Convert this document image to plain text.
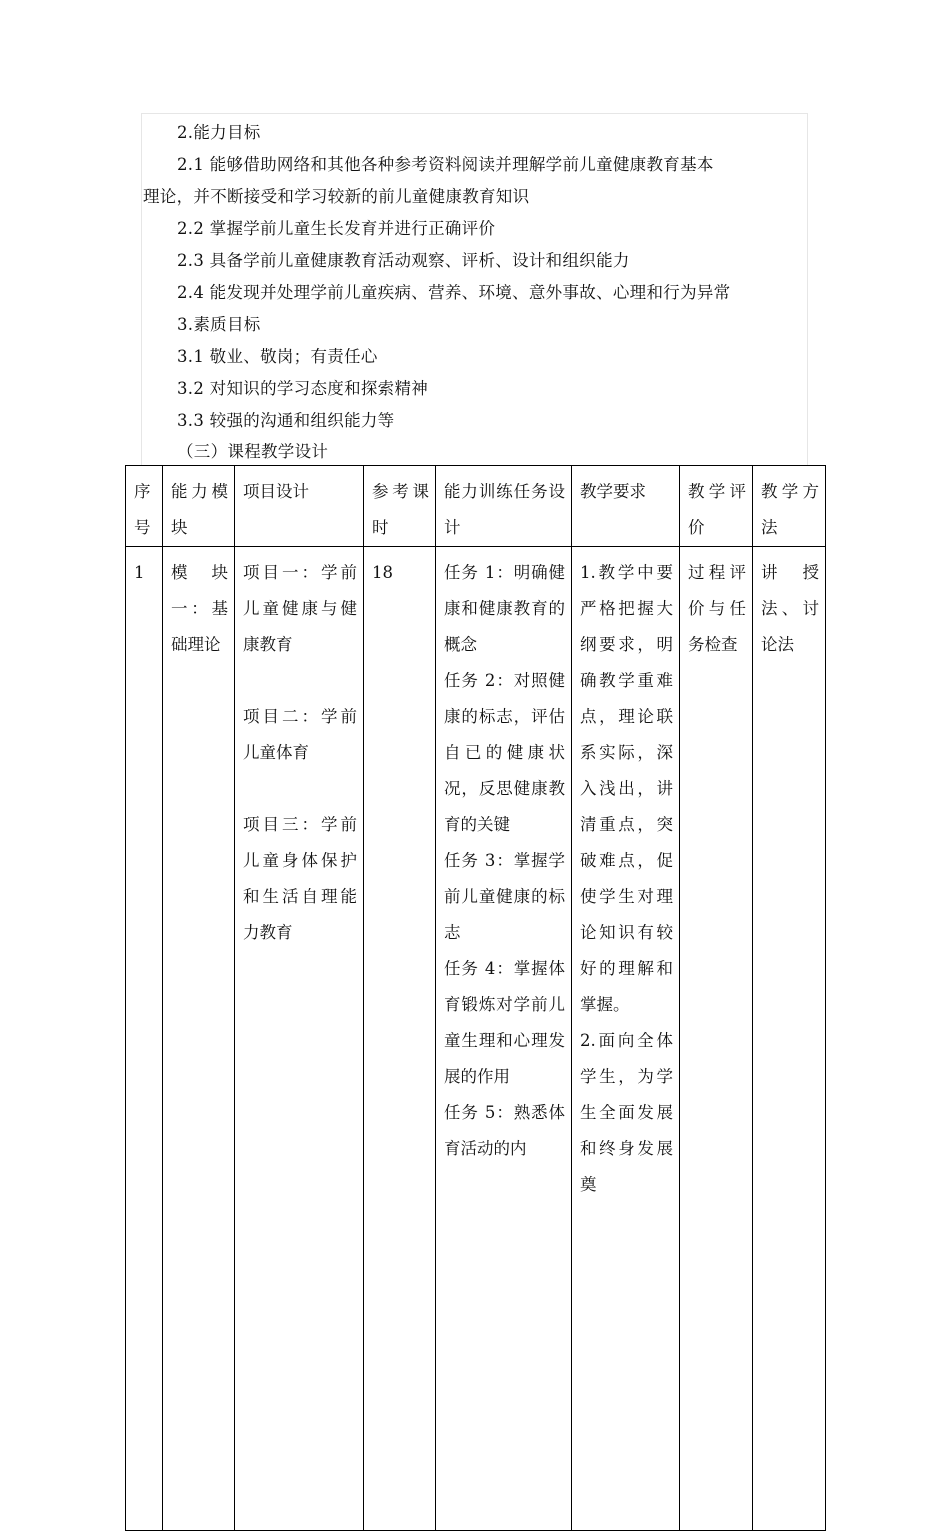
2.能力目标
2.1 能够借助网络和其他各种参考资料阅读并理解学前儿童健康教育基本
理论，并不断接受和学习较新的前儿童健康教育知识
2.2 掌握学前儿童生长发育并进行正确评价
2.3 具备学前儿童健康教育活动观察、评析、设计和组织能力
2.4 能发现并处理学前儿童疾病、营养、环境、意外事故、心理和行为异常
3.素质目标
3.1 敬业、敬岗；有责任心
3.2 对知识的学习态度和探索精神
3.3 较强的沟通和组织能力等
（三）课程教学设计
序号	能力模块	项目设计	参考课时	能力训练任务设计	教学要求	教学评价	教学方法

1	模块一：基础理论	项目一：学前儿童健康与健康教育
项目二：学前儿童体育
项目三：学前儿童身体保护和生活自理能力教育	18	任务 1：明确健康和健康教育的概念
任务 2：对照健康的标志，评估自已的健康状况，反思健康教育的关键
任务 3：掌握学前儿童健康的标志
任务 4：掌握体育锻炼对学前儿童生理和心理发展的作用
任务 5：熟悉体育活动的内	1.教学中要严格把握大纲要求，明确教学重难点，理论联系实际，深入浅出，讲清重点，突破难点，促使学生对理论知识有较好的理解和掌握。
2.面向全体学生，为学生全面发展和终身发展奠	过程评价与任务检查	讲授法、讨论法
